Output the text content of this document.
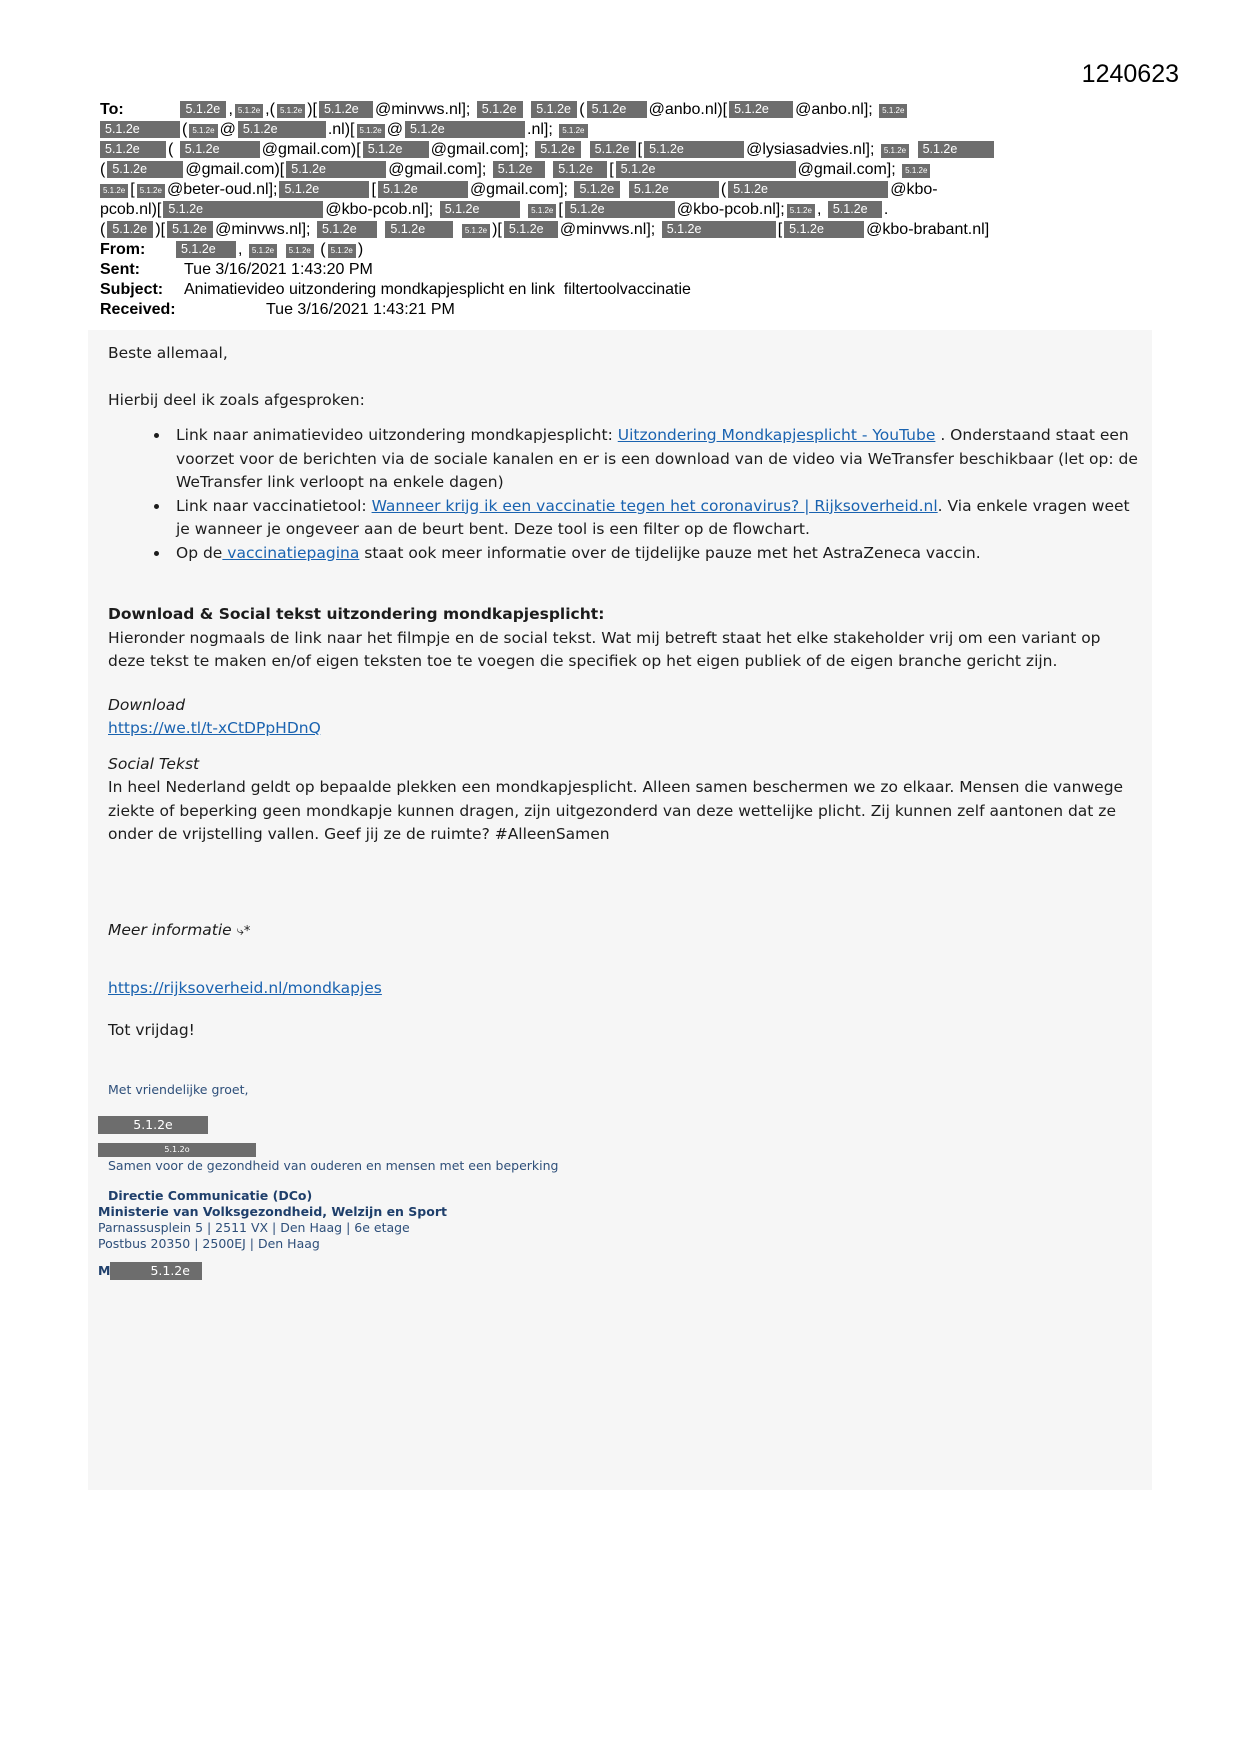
1240623
To:	5.1.2e , 5.1.2e ,( 5.1.2e )[ 5.1.2e @minvws.nl]; 5.1.2e 5.1.2e ( 5.1.2e @anbo.nl)[ 5.1.2e @anbo.nl]; 5.1.2e
5.1.2e	( 5.1.2e @ 5.1.2e	.nl)[ 5.1.2e @ 5.1.2e	.nl]; 5.1.2e
5.1.2e ( 5.1.2e	@gmail.com)[ 5.1.2e @gmail.com]; 5.1.2e 5.1.2e [ 5.1.2e	@lysiasadvies.nl]; 5.1.2e 5.1.2e
( 5.1.2e @gmail.com)[ 5.1.2e	@gmail.com]; 5.1.2e 5.1.2e [ 5.1.2e	@gmail.com]; 5.1.2e
5.1.2e [ 5.1.2e @beter-oud.nl]; 5.1.2e	[ 5.1.2e	@gmail.com]; 5.1.2e 5.1.2e	( 5.1.2e	@kbo-
pcob.nl)[ 5.1.2e	@kbo-pcob.nl]; 5.1.2e	5.1.2e [ 5.1.2e	@kbo-pcob.nl]; 5.1.2e , 5.1.2e .
( 5.1.2e )[ 5.1.2e @minvws.nl]; 5.1.2e	5.1.2e	5.1.2e )[ 5.1.2e @minvws.nl]; 5.1.2e	[ 5.1.2e	@kbo-brabant.nl]
From:	5.1.2e , 5.1.2e 5.1.2e ( 5.1.2e )
Sent:	Tue 3/16/2021 1:43:20 PM
Subject: Animatievideo uitzondering mondkapjesplicht en link  filtertoolvaccinatie
Received:	Tue 3/16/2021 1:43:21 PM

Beste allemaal,

Hierbij deel ik zoals afgesproken:

• Link naar animatievideo uitzondering mondkapjesplicht: Uitzondering Mondkapjesplicht - YouTube . Onderstaand staat een voorzet voor de berichten via de sociale kanalen en er is een download van de video via WeTransfer beschikbaar (let op: de WeTransfer link verloopt na enkele dagen)
• Link naar vaccinatietool: Wanneer krijg ik een vaccinatie tegen het coronavirus? | Rijksoverheid.nl. Via enkele vragen weet je wanneer je ongeveer aan de beurt bent. Deze tool is een filter op de flowchart.
• Op de vaccinatiepagina staat ook meer informatie over de tijdelijke pauze met het AstraZeneca vaccin.

Download & Social tekst uitzondering mondkapjesplicht:

Hieronder nogmaals de link naar het filmpje en de social tekst. Wat mij betreft staat het elke stakeholder vrij om een variant op deze tekst te maken en/of eigen teksten toe te voegen die specifiek op het eigen publiek of de eigen branche gericht zijn.

Download

https://we.tl/t-xCtDPpHDnQ

Social Tekst

In heel Nederland geldt op bepaalde plekken een mondkapjesplicht. Alleen samen beschermen we zo elkaar. Mensen die vanwege ziekte of beperking geen mondkapje kunnen dragen, zijn uitgezonderd van deze wettelijke plicht. Zij kunnen zelf aantonen dat ze onder de vrijstelling vallen. Geef jij ze de ruimte? #AlleenSamen

Meer informatie ⤷*

https://rijksoverheid.nl/mondkapjes

Tot vrijdag!

Met vriendelijke groet,

5.1.2e
5.1.2o

Samen voor de gezondheid van ouderen en mensen met een beperking

Directie Communicatie (DCo)
Ministerie van Volksgezondheid, Welzijn en Sport
Parnassusplein 5 | 2511 VX | Den Haag | 6e etage
Postbus 20350 | 2500EJ | Den Haag
M	5.1.2e
